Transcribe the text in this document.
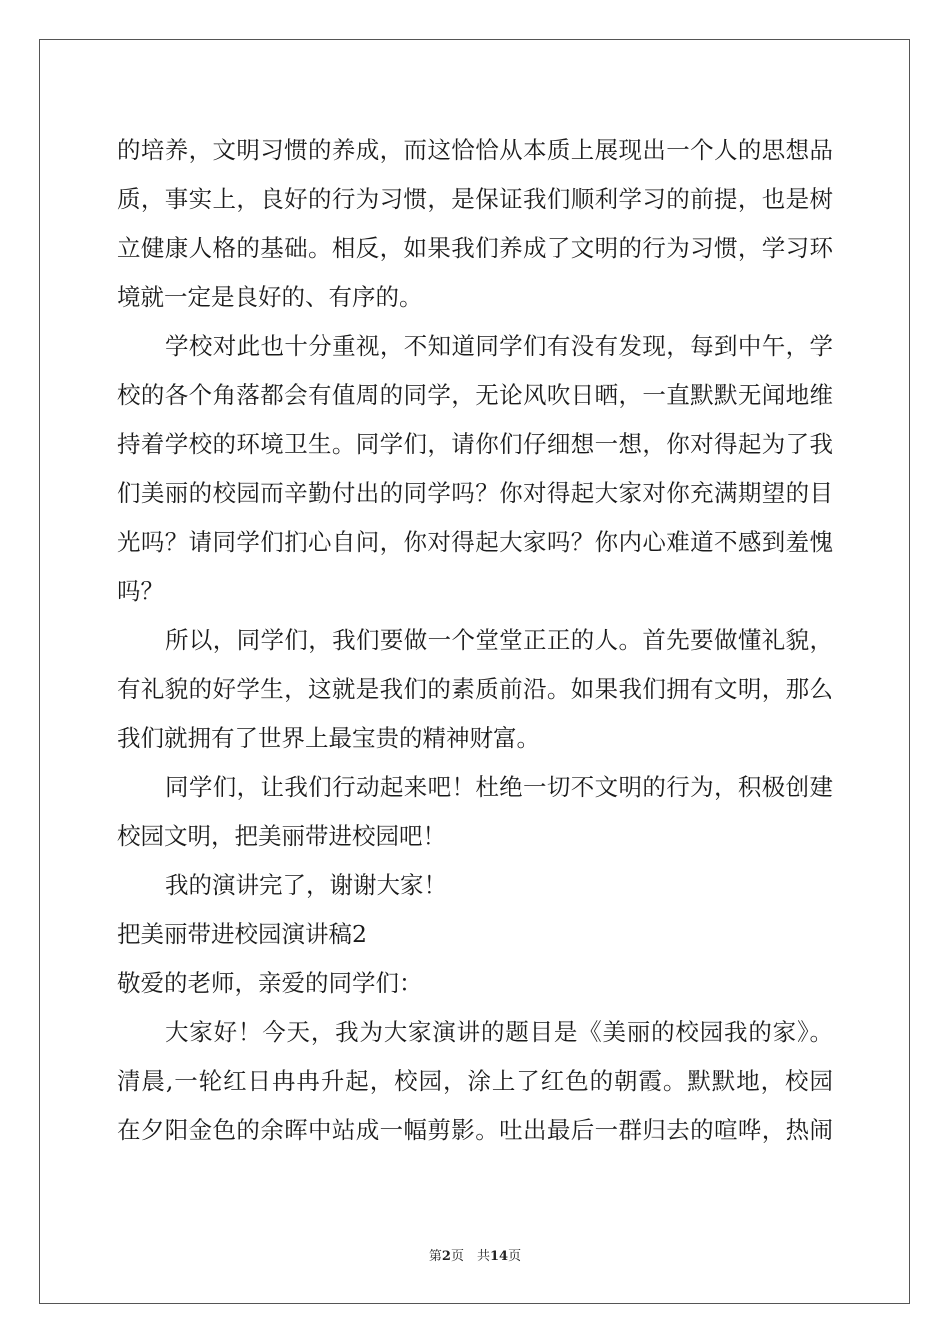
的培养，文明习惯的养成，而这恰恰从本质上展现出一个人的思想品
质，事实上，良好的行为习惯，是保证我们顺利学习的前提，也是树
立健康人格的基础。相反，如果我们养成了文明的行为习惯，学习环
境就一定是良好的、有序的。
学校对此也十分重视，不知道同学们有没有发现，每到中午，学
校的各个角落都会有值周的同学，无论风吹日晒，一直默默无闻地维
持着学校的环境卫生。同学们，请你们仔细想一想，你对得起为了我
们美丽的校园而辛勤付出的同学吗？你对得起大家对你充满期望的目
光吗？请同学们扪心自问，你对得起大家吗？你内心难道不感到羞愧
吗？
所以，同学们，我们要做一个堂堂正正的人。首先要做懂礼貌，
有礼貌的好学生，这就是我们的素质前沿。如果我们拥有文明，那么
我们就拥有了世界上最宝贵的精神财富。
同学们，让我们行动起来吧！杜绝一切不文明的行为，积极创建
校园文明，把美丽带进校园吧！
我的演讲完了，谢谢大家！
把美丽带进校园演讲稿2
敬爱的老师，亲爱的同学们：
大家好！今天，我为大家演讲的题目是《美丽的校园我的家》。
清晨,一轮红日冉冉升起，校园，涂上了红色的朝霞。默默地，校园
在夕阳金色的余晖中站成一幅剪影。吐出最后一群归去的喧哗，热闹
第2页　共14页
